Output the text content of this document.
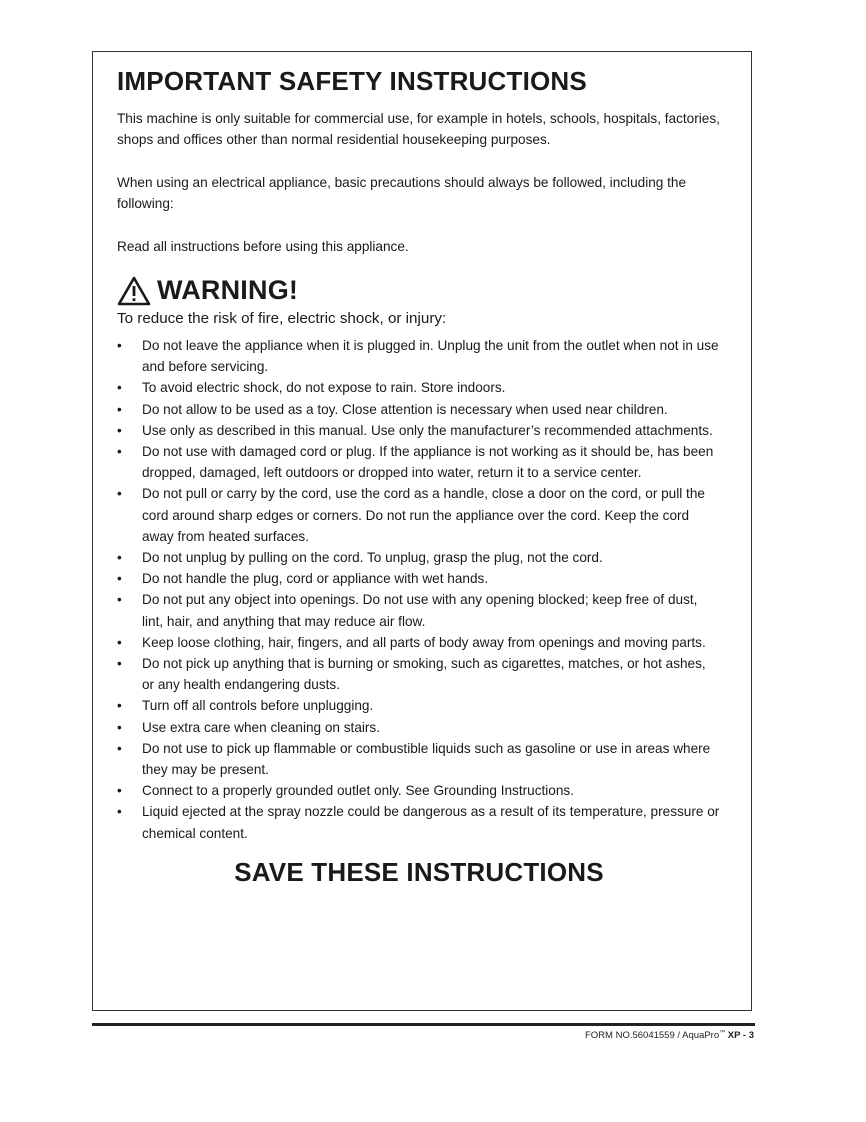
IMPORTANT SAFETY INSTRUCTIONS

This machine is only suitable for commercial use, for example in hotels, schools, hospitals, factories, shops and offices other than normal residential housekeeping purposes.

When using an electrical appliance, basic precautions should always be followed, including the following:

Read all instructions before using this appliance.

WARNING!
To reduce the risk of fire, electric shock, or injury:
• Do not leave the appliance when it is plugged in. Unplug the unit from the outlet when not in use and before servicing.
• To avoid electric shock, do not expose to rain. Store indoors.
• Do not allow to be used as a toy. Close attention is necessary when used near children.
• Use only as described in this manual. Use only the manufacturer’s recommended attachments.
• Do not use with damaged cord or plug. If the appliance is not working as it should be, has been dropped, damaged, left outdoors or dropped into water, return it to a service center.
• Do not pull or carry by the cord, use the cord as a handle, close a door on the cord, or pull the cord around sharp edges or corners. Do not run the appliance over the cord. Keep the cord away from heated surfaces.
• Do not unplug by pulling on the cord. To unplug, grasp the plug, not the cord.
• Do not handle the plug, cord or appliance with wet hands.
• Do not put any object into openings. Do not use with any opening blocked; keep free of dust, lint, hair, and anything that may reduce air flow.
• Keep loose clothing, hair, fingers, and all parts of body away from openings and moving parts.
• Do not pick up anything that is burning or smoking, such as cigarettes, matches, or hot ashes, or any health endangering dusts.
• Turn off all controls before unplugging.
• Use extra care when cleaning on stairs.
• Do not use to pick up flammable or combustible liquids such as gasoline or use in areas where they may be present.
• Connect to a properly grounded outlet only. See Grounding Instructions.
• Liquid ejected at the spray nozzle could be dangerous as a result of its temperature, pressure or chemical content.
SAVE THESE INSTRUCTIONS
FORM NO.56041559 / AquaPro™ XP - 3
